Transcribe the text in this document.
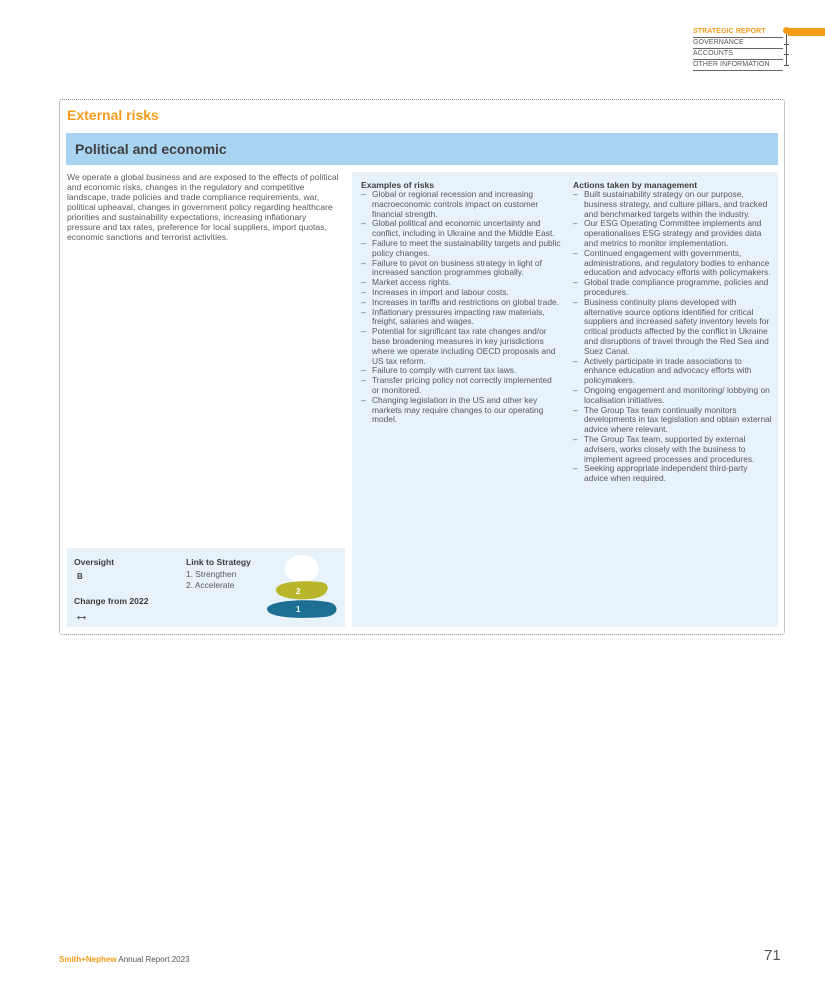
STRATEGIC REPORT
GOVERNANCE
ACCOUNTS
OTHER INFORMATION
External risks
Political and economic

We operate a global business and are exposed to the effects of political and economic risks, changes in the regulatory and competitive landscape, trade policies and trade compliance requirements, war, political upheaval, changes in government policy regarding healthcare priorities and sustainability expectations, increasing inflationary pressure and tax rates, preference for local suppliers, import quotas, economic sanctions and terrorist activities.

Examples of risks
– Global or regional recession and increasing macroeconomic controls impact on customer financial strength.
– Global political and economic uncertainty and conflict, including in Ukraine and the Middle East.
– Failure to meet the sustainability targets and public policy changes.
– Failure to pivot on business strategy in light of increased sanction programmes globally.
– Market access rights.
– Increases in import and labour costs.
– Increases in tariffs and restrictions on global trade.
– Inflationary pressures impacting raw materials, freight, salaries and wages.
– Potential for significant tax rate changes and/or base broadening measures in key jurisdictions where we operate including OECD proposals and US tax reform.
– Failure to comply with current tax laws.
– Transfer pricing policy not correctly implemented or monitored.
– Changing legislation in the US and other key markets may require changes to our operating model.
Actions taken by management
– Built sustainability strategy on our purpose, business strategy, and culture pillars, and tracked and benchmarked targets within the industry.
– Our ESG Operating Committee implements and operationalises ESG strategy and provides data and metrics to monitor implementation.
– Continued engagement with governments, administrations, and regulatory bodies to enhance education and advocacy efforts with policymakers.
– Global trade compliance programme, policies and procedures.
– Business continuity plans developed with alternative source options identified for critical suppliers and increased safety inventory levels for critical products affected by the conflict in Ukraine and disruptions of travel through the Red Sea and Suez Canal.
– Actively participate in trade associations to enhance education and advocacy efforts with policymakers.
– Ongoing engagement and monitoring/ lobbying on localisation initiatives.
– The Group Tax team continually monitors developments in tax legislation and obtain external advice where relevant.
– The Group Tax team, supported by external advisers, works closely with the business to implement agreed processes and procedures.
– Seeking appropriate independent third-party advice when required.
Oversight
B
Change from 2022
↔
Link to Strategy
1. Strengthen
2. Accelerate
2
1
Smith+Nephew Annual Report 2023	71
